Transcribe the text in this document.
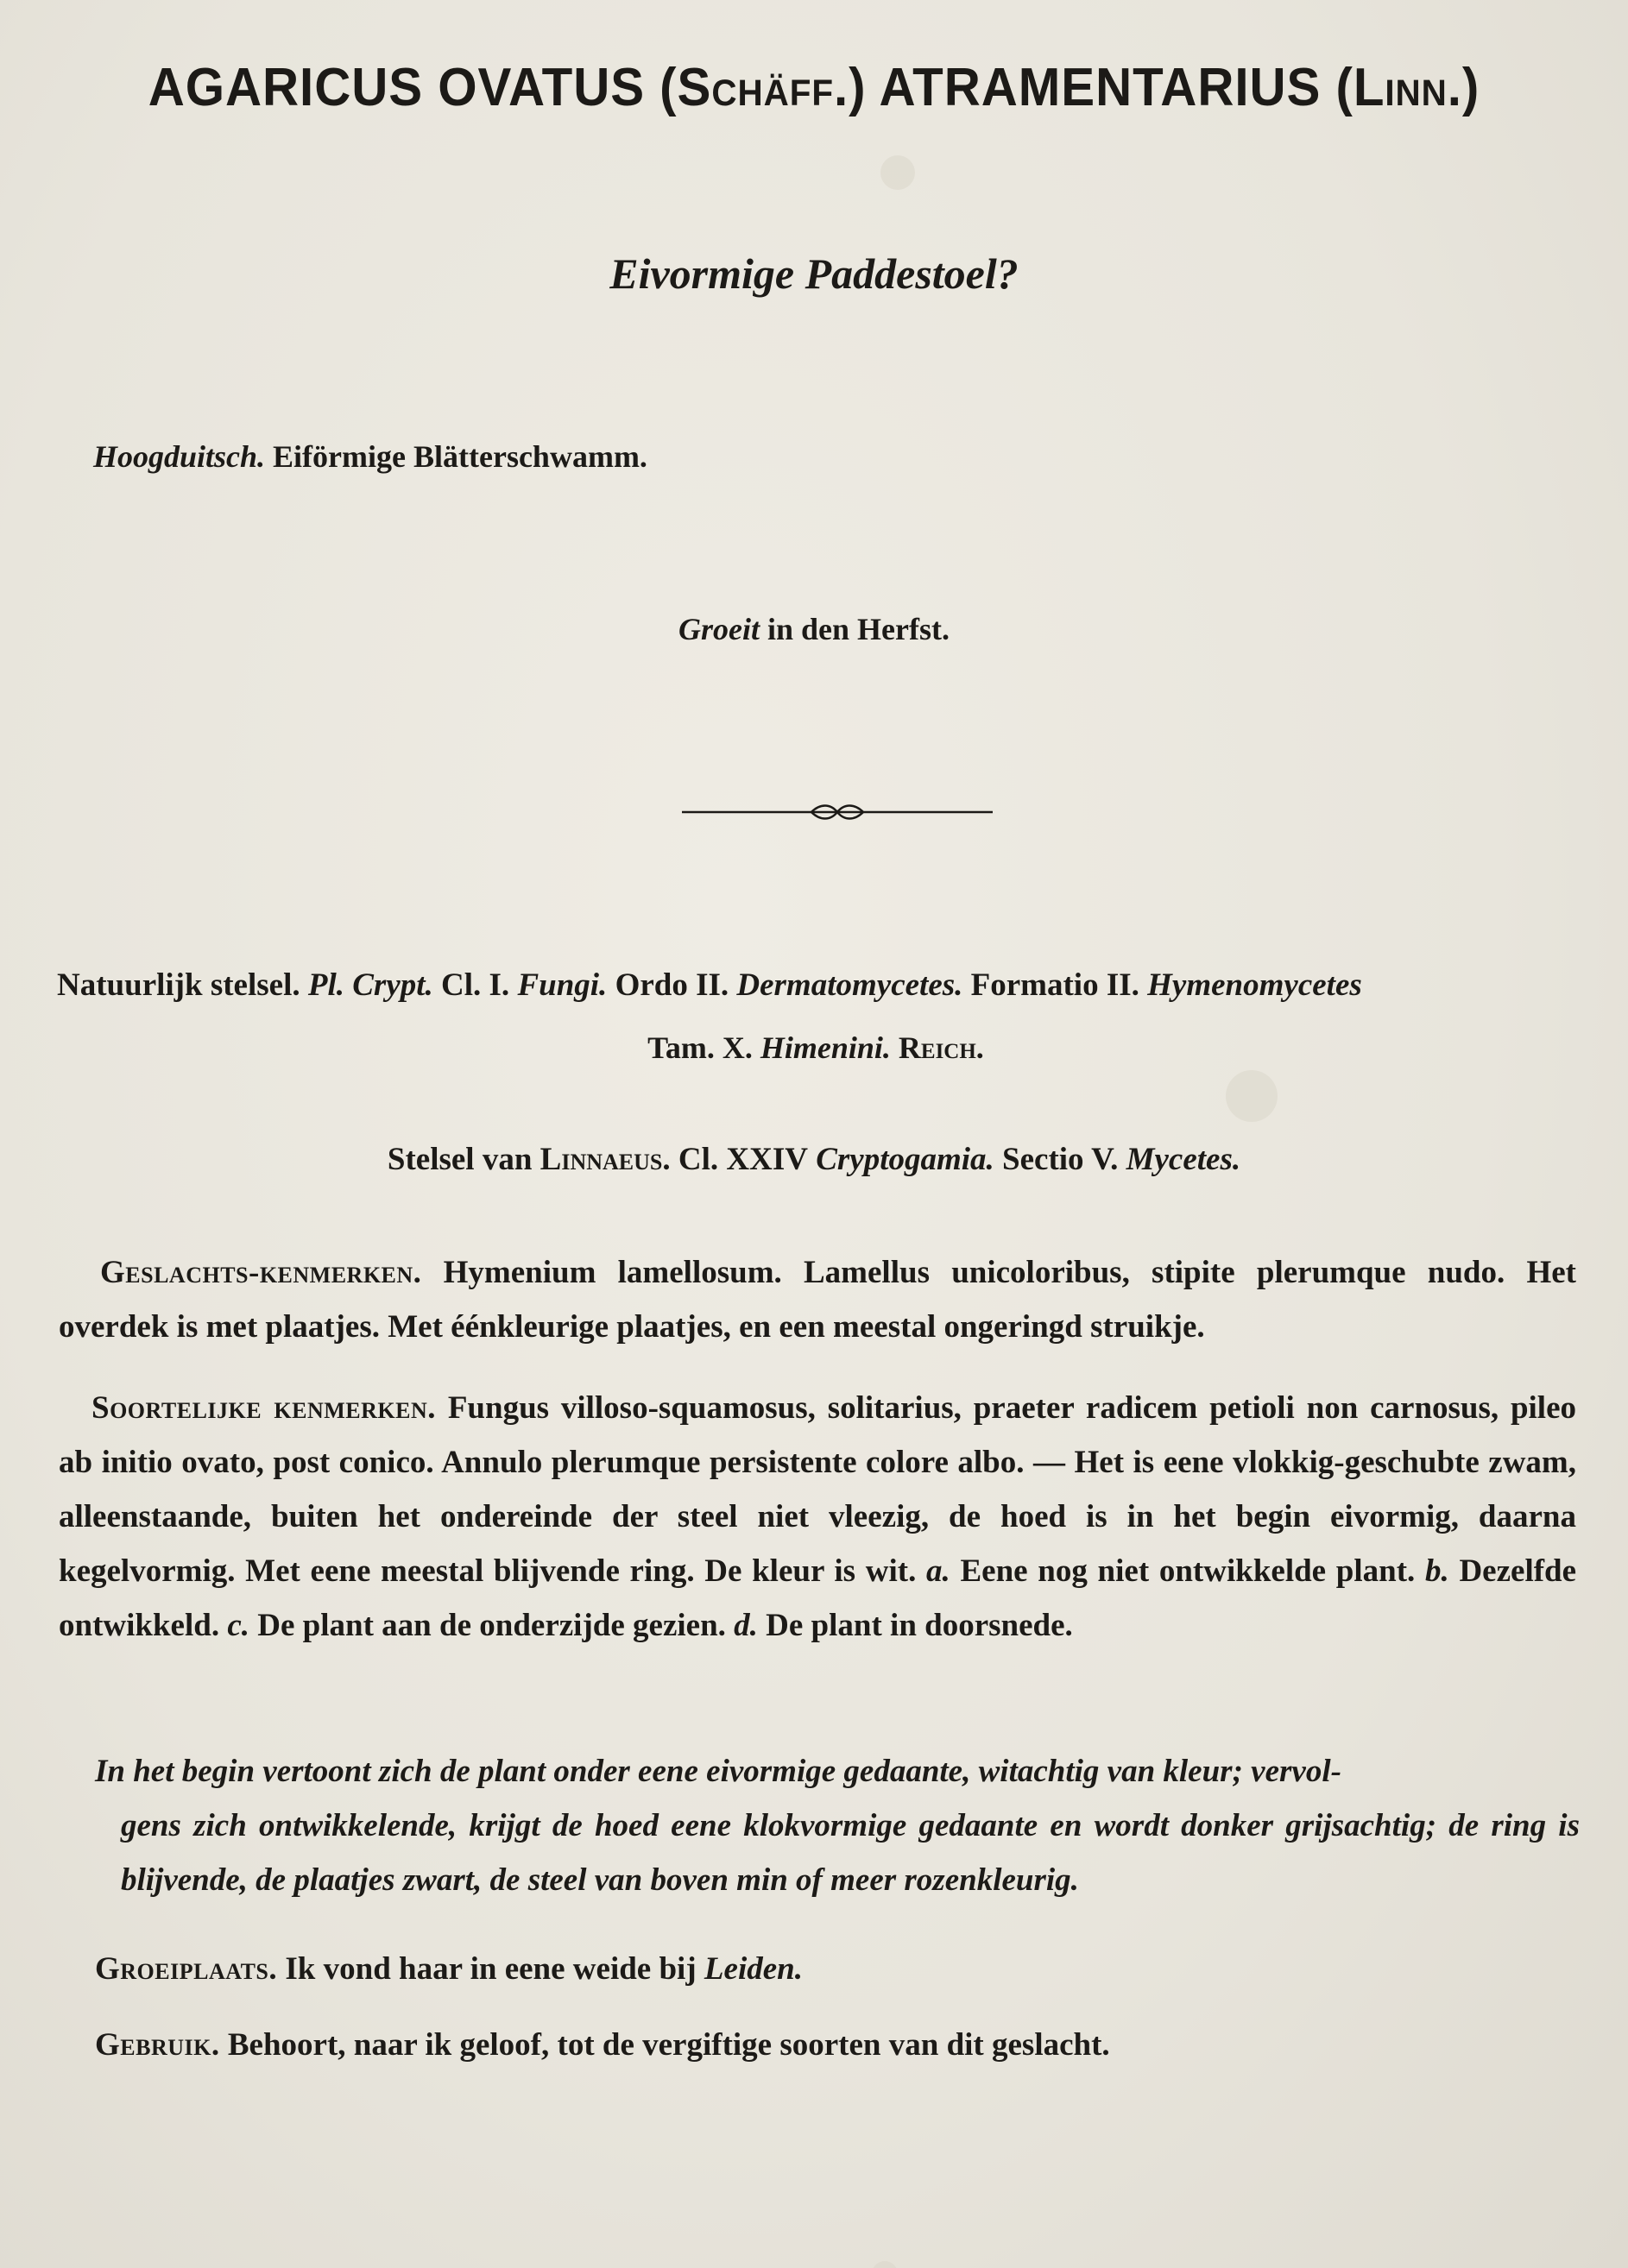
AGARICUS OVATUS (Schäff.) ATRAMENTARIUS (Linn.)
Eivormige Paddestoel?
Hoogduitsch. Eiförmige Blätterschwamm.
Groeit in den Herfst.
Natuurlijk stelsel. Pl. Crypt. Cl. I. Fungi. Ordo II. Dermatomycetes. Formatio II. Hymenomycetes
Tam. X. Himenini. Reich.
Stelsel van Linnaeus. Cl. XXIV Cryptogamia. Sectio V. Mycetes.
Geslachts-kenmerken. Hymenium lamellosum. Lamellus unicoloribus, stipite plerumque nudo. Het overdek is met plaatjes. Met éénkleurige plaatjes, en een meestal ongeringd struikje.
Soortelijke kenmerken. Fungus villoso-squamosus, solitarius, praeter radicem petioli non carnosus, pileo ab initio ovato, post conico. Annulo plerumque persistente colore albo. — Het is eene vlokkig-geschubte zwam, alleenstaande, buiten het ondereinde der steel niet vleezig, de hoed is in het begin eivormig, daarna kegelvormig. Met eene meestal blijvende ring. De kleur is wit. a. Eene nog niet ontwikkelde plant. b. Dezelfde ontwikkeld. c. De plant aan de onderzijde gezien. d. De plant in doorsnede.
In het begin vertoont zich de plant onder eene eivormige gedaante, witachtig van kleur; vervol-
gens zich ontwikkelende, krijgt de hoed eene klokvormige gedaante en wordt donker grijsachtig; de ring is blijvende, de plaatjes zwart, de steel van boven min of meer rozenkleurig.
Groeiplaats. Ik vond haar in eene weide bij Leiden.
Gebruik. Behoort, naar ik geloof, tot de vergiftige soorten van dit geslacht.
